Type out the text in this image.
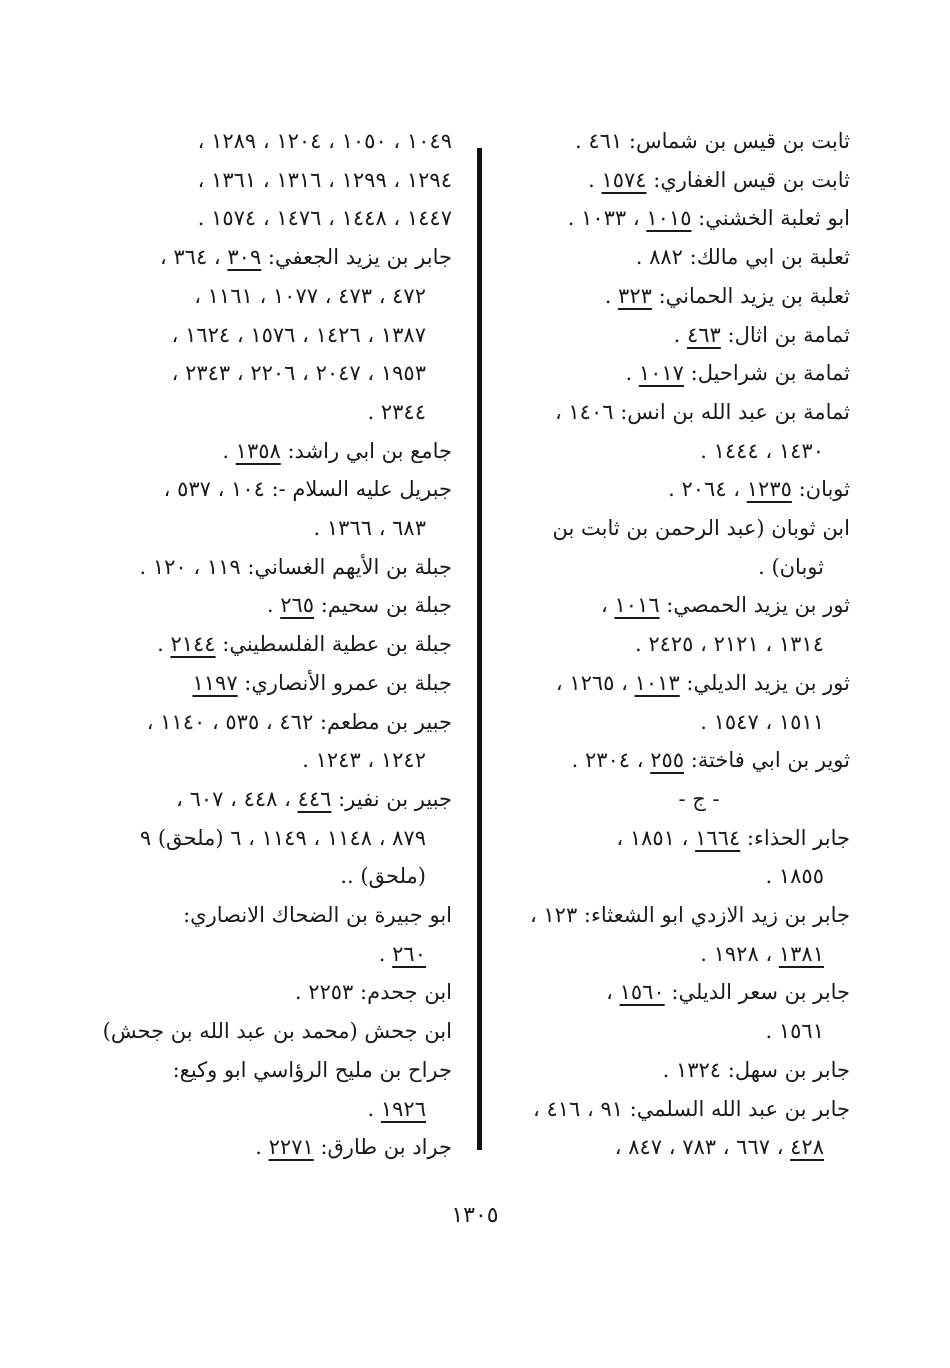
ثابت بن قيس بن شماس: ٤٦١ .
ثابت بن قيس الغفاري: ١٥٧٤ .
ابو ثعلبة الخشني: ١٠١٥ ، ١٠٣٣ .
ثعلبة بن ابي مالك: ٨٨٢ .
ثعلبة بن يزيد الحماني: ٣٢٣ .
ثمامة بن اثال: ٤٦٣ .
ثمامة بن شراحيل: ١٠١٧ .
ثمامة بن عبد الله بن انس: ١٤٠٦ ،
١٤٣٠ ، ١٤٤٤ .
ثوبان: ١٢٣٥ ، ٢٠٦٤ .
ابن ثوبان (عبد الرحمن بن ثابت بن
ثوبان) .
ثور بن يزيد الحمصي: ١٠١٦ ،
١٣١٤ ، ٢١٢١ ، ٢٤٢٥ .
ثور بن يزيد الديلي: ١٠١٣ ، ١٢٦٥ ،
١٥١١ ، ١٥٤٧ .
ثوير بن ابي فاختة: ٢٥٥ ، ٢٣٠٤ .
- ج -
جابر الحذاء: ١٦٦٤ ، ١٨٥١ ،
١٨٥٥ .
جابر بن زيد الازدي ابو الشعثاء: ١٢٣ ،
١٣٨١ ، ١٩٢٨ .
جابر بن سعر الديلي: ١٥٦٠ ،
١٥٦١ .
جابر بن سهل: ١٣٢٤ .
جابر بن عبد الله السلمي: ٩١ ، ٤١٦ ،
٤٢٨ ، ٦٦٧ ، ٧٨٣ ، ٨٤٧ ،
١٠٤٩ ، ١٠٥٠ ، ١٢٠٤ ، ١٢٨٩ ،
١٢٩٤ ، ١٢٩٩ ، ١٣١٦ ، ١٣٦١ ،
١٤٤٧ ، ١٤٤٨ ، ١٤٧٦ ، ١٥٧٤ .
جابر بن يزيد الجعفي: ٣٠٩ ، ٣٦٤ ،
٤٧٢ ، ٤٧٣ ، ١٠٧٧ ، ١١٦١ ،
١٣٨٧ ، ١٤٢٦ ، ١٥٧٦ ، ١٦٢٤ ،
١٩٥٣ ، ٢٠٤٧ ، ٢٢٠٦ ، ٢٣٤٣ ،
٢٣٤٤ .
جامع بن ابي راشد: ١٣٥٨ .
جبريل عليه السلام -: ١٠٤ ، ٥٣٧ ،
٦٨٣ ، ١٣٦٦ .
جبلة بن الأيهم الغساني: ١١٩ ، ١٢٠ .
جبلة بن سحيم: ٢٦٥ .
جبلة بن عطية الفلسطيني: ٢١٤٤ .
جبلة بن عمرو الأنصاري: ١١٩٧
جبير بن مطعم: ٤٦٢ ، ٥٣٥ ، ١١٤٠ ،
١٢٤٢ ، ١٢٤٣ .
جبير بن نفير: ٤٤٦ ، ٤٤٨ ، ٦٠٧ ،
٨٧٩ ، ١١٤٨ ، ١١٤٩ ، ٦ (ملحق) ٩
(ملحق) ..
ابو جبيرة بن الضحاك الانصاري:
٢٦٠ .
ابن جحدم: ٢٢٥٣ .
ابن جحش (محمد بن عبد الله بن جحش)
جراح بن مليح الرؤاسي ابو وكيع:
١٩٢٦ .
جراد بن طارق: ٢٢٧١ .
١٣٠٥
